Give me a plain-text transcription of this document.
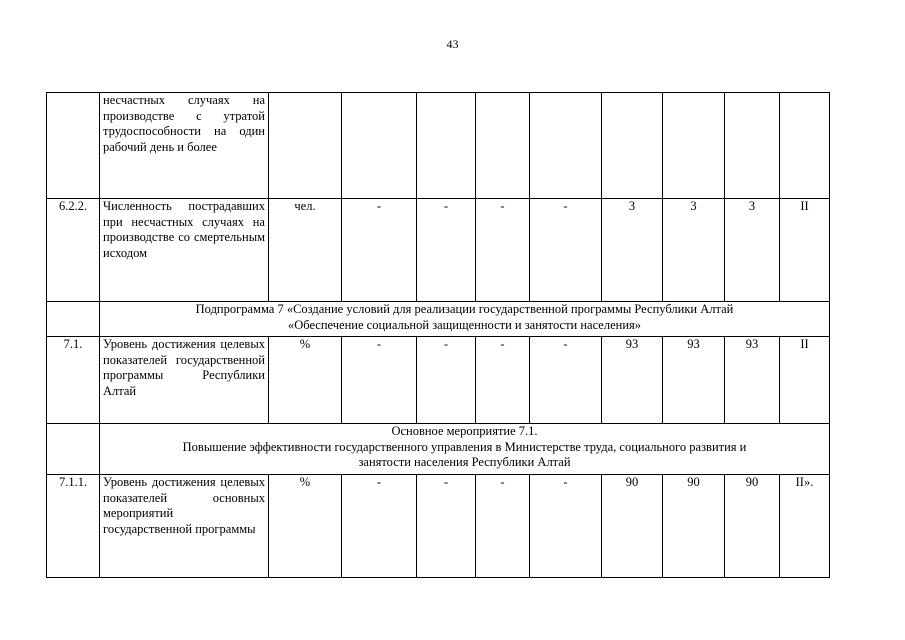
43
	несчастных случаях на производстве с утратой трудоспособности на один рабочий день и более									
6.2.2.	Численность пострадавших при несчастных случаях на производстве со смертельным исходом	чел.	-	-	-	-	3	3	3	II

	Подпрограмма 7 «Создание условий для реализации государственной программы Республики Алтай
«Обеспечение социальной защищенности и занятости населения»									

7.1.	Уровень достижения целевых показателей государственной программы Республики Алтай	%	-	-	-	-	93	93	93	II

	Основное мероприятие 7.1.
Повышение эффективности государственного управления в Министерстве труда, социального развития и
занятости населения Республики Алтай									

7.1.1.	Уровень достижения целевых показателей основных мероприятий государственной программы	%	-	-	-	-	90	90	90	II».
